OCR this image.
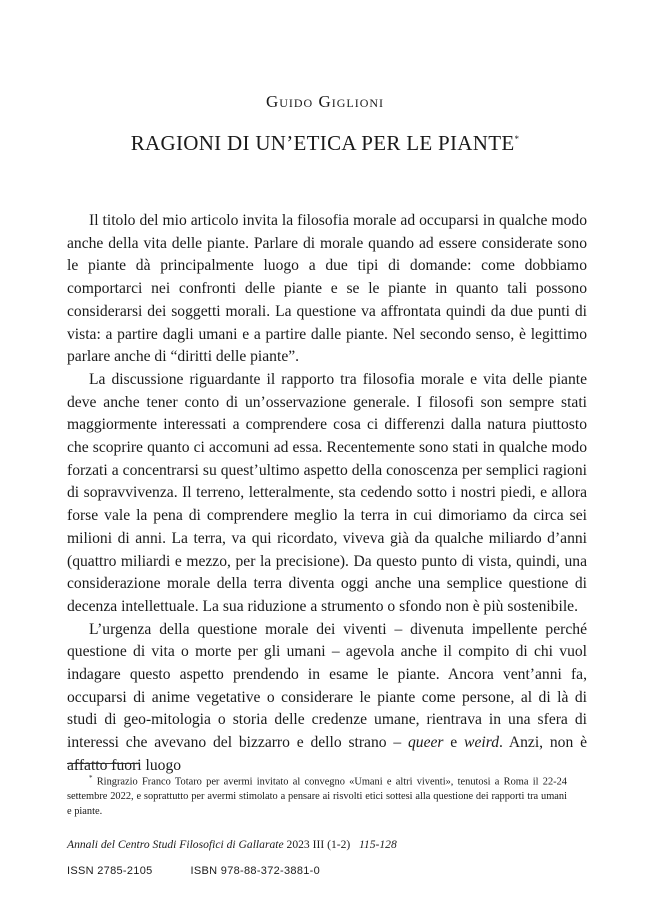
Guido Giglioni
RAGIONI DI UN’ETICA PER LE PIANTE*

Il titolo del mio articolo invita la filosofia morale ad occuparsi in qualche modo anche della vita delle piante. Parlare di morale quando ad essere considerate sono le piante dà principalmente luogo a due tipi di domande: come dobbiamo comportarci nei confronti delle piante e se le piante in quanto tali possono considerarsi dei soggetti morali. La questione va affrontata quindi da due punti di vista: a partire dagli umani e a partire dalle piante. Nel secondo senso, è legittimo parlare anche di “diritti delle piante”.

La discussione riguardante il rapporto tra filosofia morale e vita delle piante deve anche tener conto di un’osservazione generale. I filosofi son sempre stati maggiormente interessati a comprendere cosa ci differenzi dalla natura piuttosto che scoprire quanto ci accomuni ad essa. Recentemente sono stati in qualche modo forzati a concentrarsi su quest’ultimo aspetto della conoscenza per semplici ragioni di sopravvivenza. Il terreno, letteralmente, sta cedendo sotto i nostri piedi, e allora forse vale la pena di comprendere meglio la terra in cui dimoriamo da circa sei milioni di anni. La terra, va qui ricordato, viveva già da qualche miliardo d’anni (quattro miliardi e mezzo, per la precisione). Da questo punto di vista, quindi, una considerazione morale della terra diventa oggi anche una semplice questione di decenza intellettuale. La sua riduzione a strumento o sfondo non è più sostenibile.

L’urgenza della questione morale dei viventi – divenuta impellente perché questione di vita o morte per gli umani – agevola anche il compito di chi vuol indagare questo aspetto prendendo in esame le piante. Ancora vent’anni fa, occuparsi di anime vegetative o considerare le piante come persone, al di là di studi di geo-mitologia o storia delle credenze umane, rientrava in una sfera di interessi che avevano del bizzarro e dello strano – queer e weird. Anzi, non è affatto fuori luogo

* Ringrazio Franco Totaro per avermi invitato al convegno «Umani e altri viventi», tenutosi a Roma il 22-24 settembre 2022, e soprattutto per avermi stimolato a pensare ai risvolti etici sottesi alla questione dei rapporti tra umani e piante.
Annali del Centro Studi Filosofici di Gallarate 2023 III (1-2) 115-128
ISSN 2785-2105	ISBN 978-88-372-3881-0
